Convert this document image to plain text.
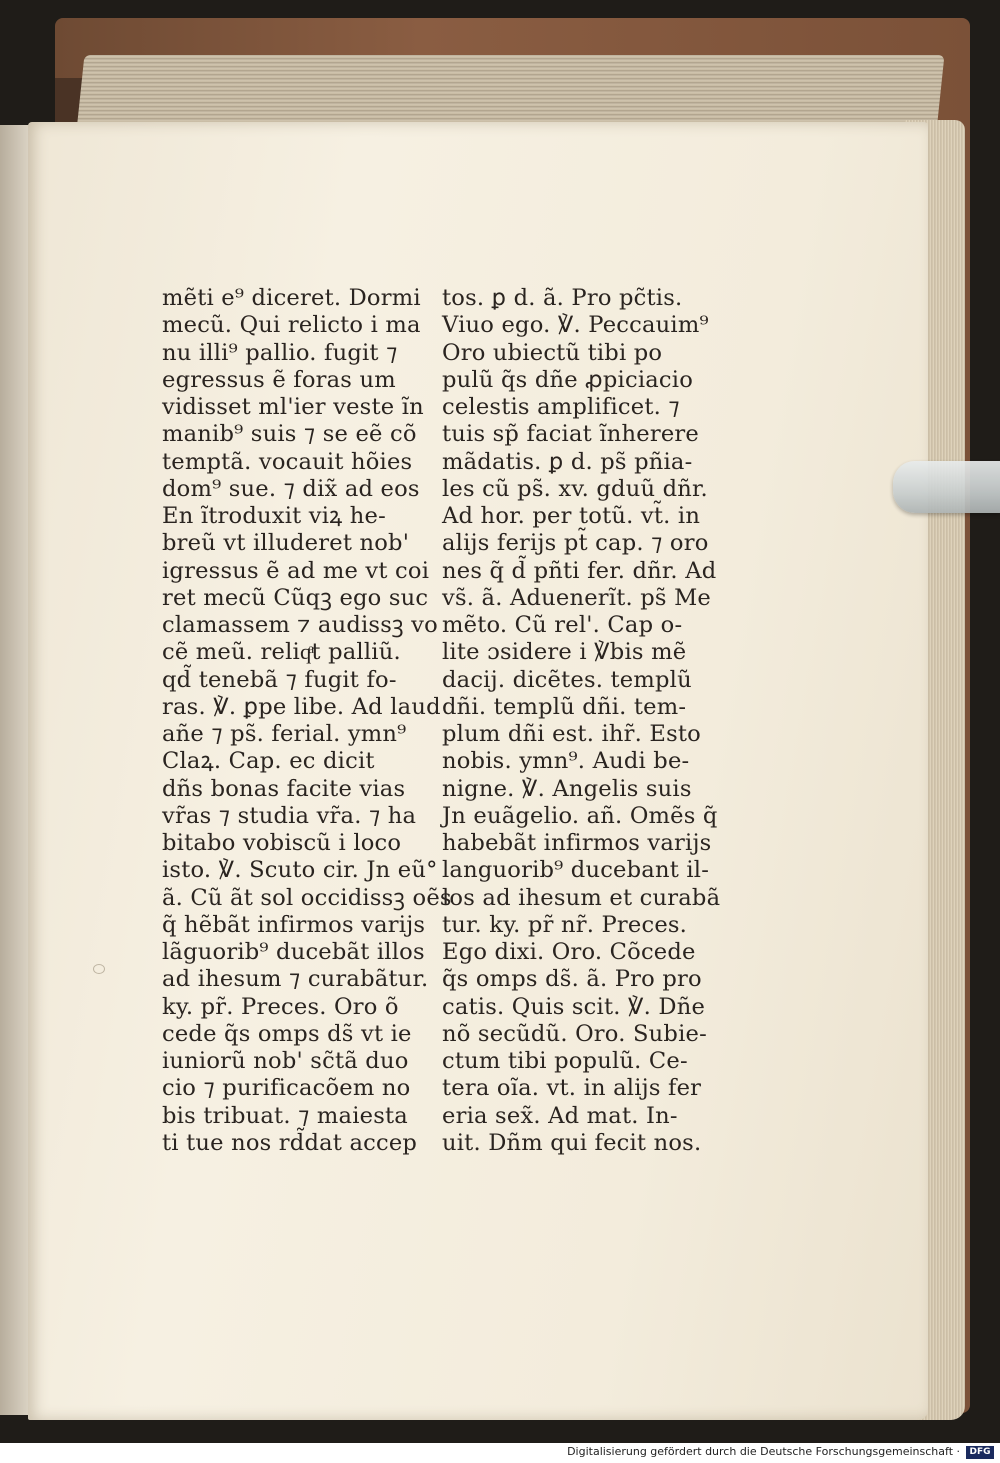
mẽti e⁹ diceret. Dormi
mecũ. Qui relicto i ma
nu illi⁹ pallio. fugit ⁊
egressus ẽ foras um
vidisset ml'ier veste ĩn
manib⁹ suis ⁊ se eẽ cõ
temptã. vocauit hõies
dom⁹ sue. ⁊ dix̃ ad eos
En ĩtroduxit viꝝ he-
breũ vt illuderet nob'
igressus ẽ ad me vt coi
ret mecũ Cũqꝫ ego suc
clamassem ⁊ audissꝫ vo
cẽ meũ. reliqͣt palliũ.
qd̃ tenebã ⁊ fugit fo-
ras. ℣. ꝑpe libe. Ad laud
añe ⁊ ps̃. ferial. ymn⁹
Claꝝ. Cap. ec dicit
dñs bonas facite vias
vr̃as ⁊ studia vr̃a. ⁊ ha
bitabo vobiscũ i loco
isto. ℣. Scuto cir. Jn eũ°
ã. Cũ ãt sol occidissꝫ oẽs
q̃ hẽbãt infirmos varijs
lãguorib⁹ ducebãt illos
ad ihesum ⁊ curabãtur.
ky. pr̃. Preces. Oro õ
cede q̃s omps ds̃ vt ie
iuniorũ nob' sc̃tã duo
cio ⁊ purificacõem no
bis tribuat. ⁊ maiesta
ti tue nos rd̃dat accep
tos. ꝑ d. ã. Pro pc̃tis.
Viuo ego. ℣. Peccauim⁹
Oro ubiectũ tibi po
pulũ q̃s dñe ꝓpiciacio
celestis amplificet. ⁊
tuis sp̃ faciat ĩnherere
mãdatis. ꝑ d. ps̃ pñia-
les cũ ps̃. xv. gduũ dñr.
Ad hor. per totũ. vt̃. in
alijs ferijs pt̃ cap. ⁊ oro
nes q̃ d̃ pñti fer. dñr. Ad
vs̃. ã. Aduenerĩt. ps̃ Me
mẽto. Cũ rel'. Cap o-
lite ɔsidere i ℣bis mẽ
dacij. dicẽtes. templũ
dñi. templũ dñi. tem-
plum dñi est. ihr̃. Esto
nobis. ymn⁹. Audi be-
nigne. ℣. Angelis suis
Jn euãgelio. añ. Omẽs q̃
habebãt infirmos varijs
languorib⁹ ducebant il-
los ad ihesum et curabã
tur. ky. pr̃ nr̃. Preces.
Ego dixi. Oro. Cõcede
q̃s omps ds̃. ã. Pro pro
catis. Quis scit. ℣. Dñe
nõ secũdũ. Oro. Subie-
ctum tibi populũ. Ce-
tera oĩa. vt. in alijs fer
eria sex̃. Ad mat. In-
uit. Dñm qui fecit nos.
Digitalisierung gefördert durch die Deutsche Forschungsgemeinschaft ·	DFG
